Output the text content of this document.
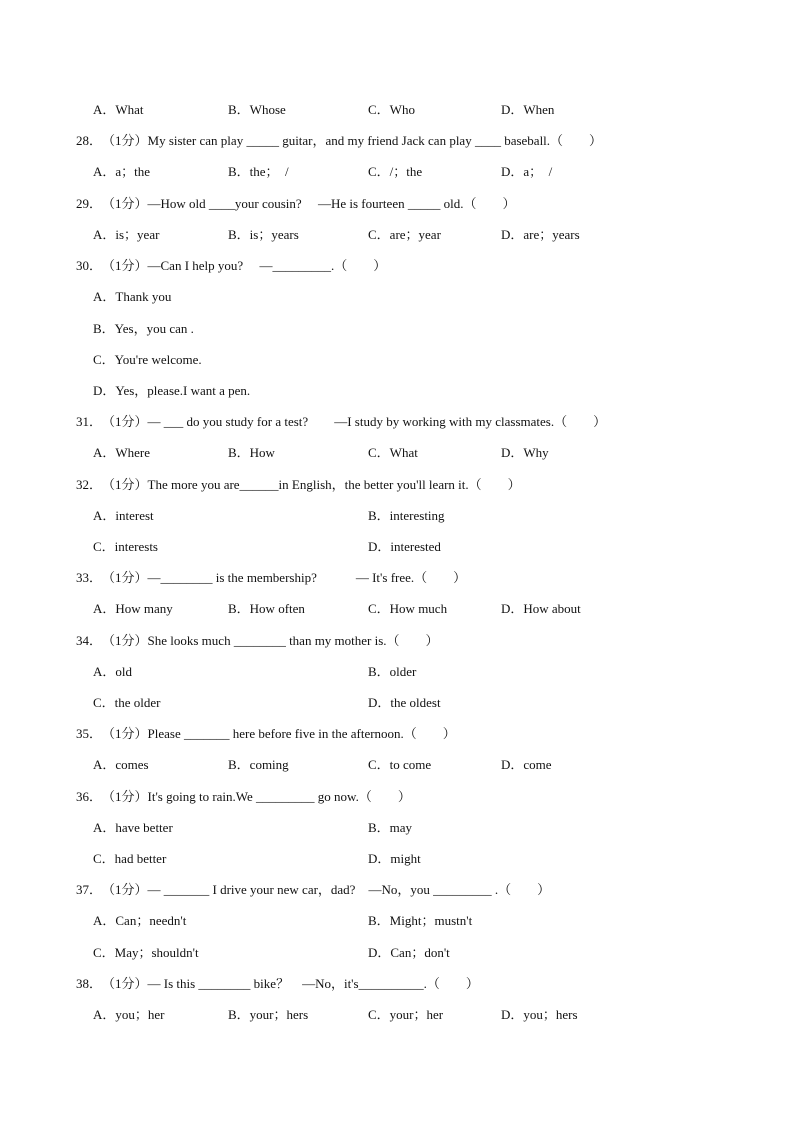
A．What

	B．Whose

	C．Who

	D．When

28．

（1分）My sister can play _____ guitar，and my friend Jack can play ____ baseball.（　　）

A．a；the

	B．the；　/

	C．/；the

	D．a；　/

29．

（1分）—How old ____your cousin?　 —He is fourteen _____ old.（　　）

A．is；year

	B．is；years

	C．are；year

	D．are；years

30．

（1分）—Can I help you?　 —_________.（　　）

A．Thank you

B．Yes，you can .

C．You're welcome.

D．Yes，please.I want a pen.

31．

（1分）— ___ do you study for a test?　　—I study by working with my classmates.（　　）

A．Where

	B．How

	C．What

	D．Why

32．

（1分）The more you are______in English，the better you'll learn it.（　　）

A．interest

	B．interesting

C．interests

	D．interested

33．

（1分）—________ is the membership?　　　— It's free.（　　）

A．How many

	B．How often

	C．How much

	D．How about

34．

（1分）She looks much ________ than my mother is.（　　）

A．old

	B．older

C．the older

	D．the oldest

35．

（1分）Please _______ here before five in the afternoon.（　　）

A．comes

	B．coming

	C．to come

	D．come

36．

（1分）It's going to rain.We _________ go now.（　　）

A．have better

	B．may

C．had better

	D．might

37．

（1分）— _______ I drive your new car，dad?　—No，you _________ .（　　）

A．Can；needn't

	B．Might；mustn't

C．May；shouldn't

	D．Can；don't

38．

（1分）— Is this ________ bike？　—No，it's__________.（　　）

A．you；her

	B．your；hers

	C．your；her

	D．you；hers
